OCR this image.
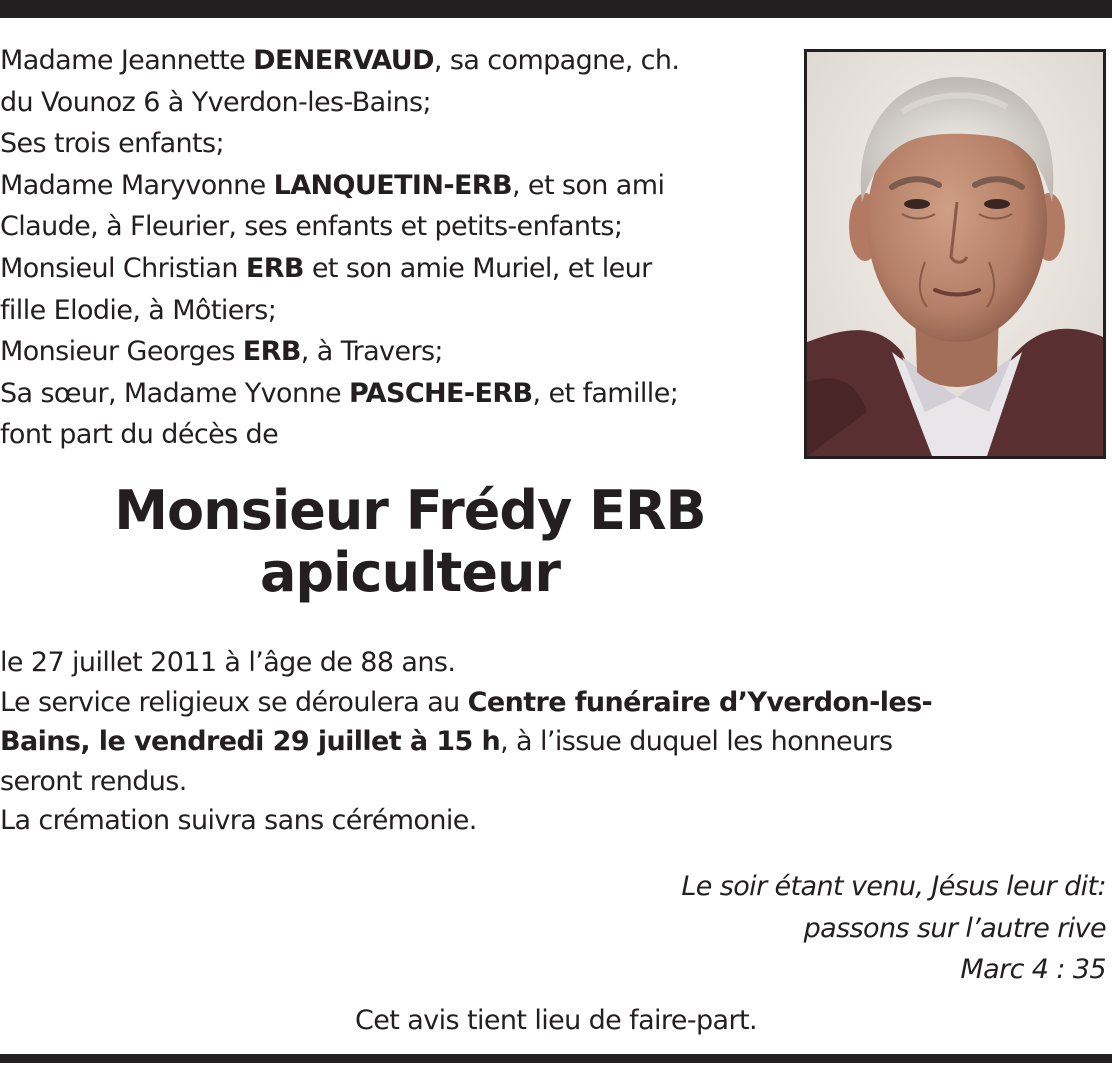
Madame Jeannette DENERVAUD, sa compagne, ch.
du Vounoz 6 à Yverdon-les-Bains;
Ses trois enfants;
Madame Maryvonne LANQUETIN-ERB, et son ami
Claude, à Fleurier, ses enfants et petits-enfants;
Monsieul Christian ERB et son amie Muriel, et leur
fille Elodie, à Môtiers;
Monsieur Georges ERB, à Travers;
Sa sœur, Madame Yvonne PASCHE-ERB, et famille;
font part du décès de
Monsieur Frédy ERB
apiculteur
le 27 juillet 2011 à l’âge de 88 ans.
Le service religieux se déroulera au Centre funéraire d’Yverdon-les-
Bains, le vendredi 29 juillet à 15 h, à l’issue duquel les honneurs
seront rendus.
La crémation suivra sans cérémonie.
Le soir étant venu, Jésus leur dit:
passons sur l’autre rive
Marc 4 : 35
Cet avis tient lieu de faire-part.
